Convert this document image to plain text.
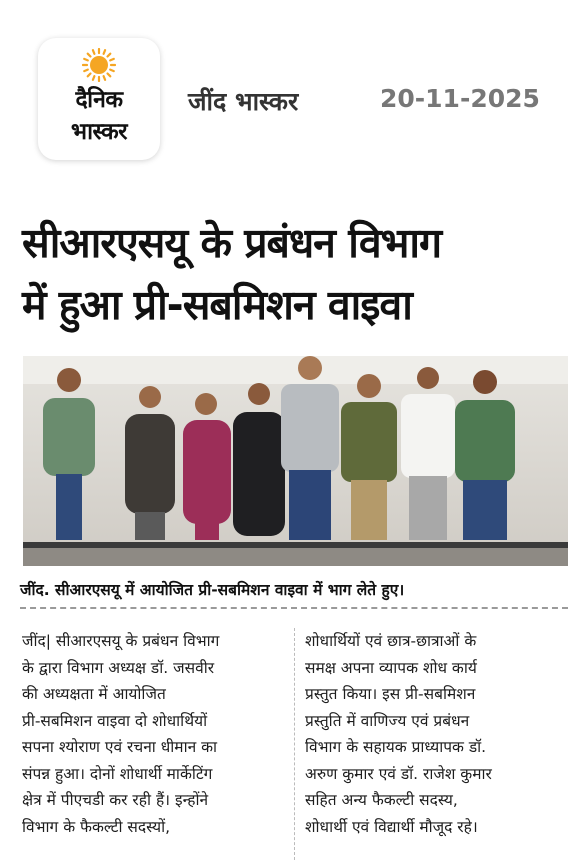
दैनिक
भास्कर
जींद भास्कर	20-11-2025
सीआरएसयू के प्रबंधन विभाग
में हुआ प्री-सबमिशन वाइवा
जींद. सीआरएसयू में आयोजित प्री-सबमिशन वाइवा में भाग लेते हुए।
जींद| सीआरएसयू के प्रबंधन विभाग
के द्वारा विभाग अध्यक्ष डॉ. जसवीर
की अध्यक्षता में आयोजित
प्री-सबमिशन वाइवा दो शोधार्थियों
सपना श्योराण एवं रचना धीमान का
संपन्न हुआ। दोनों शोधार्थी मार्केटिंग
क्षेत्र में पीएचडी कर रही हैं। इन्होंने
विभाग के फैकल्टी सदस्यों,
शोधार्थियों एवं छात्र-छात्राओं के
समक्ष अपना व्यापक शोध कार्य
प्रस्तुत किया। इस प्री-सबमिशन
प्रस्तुति में वाणिज्य एवं प्रबंधन
विभाग के सहायक प्राध्यापक डॉ.
अरुण कुमार एवं डॉ. राजेश कुमार
सहित अन्य फैकल्टी सदस्य,
शोधार्थी एवं विद्यार्थी मौजूद रहे।
